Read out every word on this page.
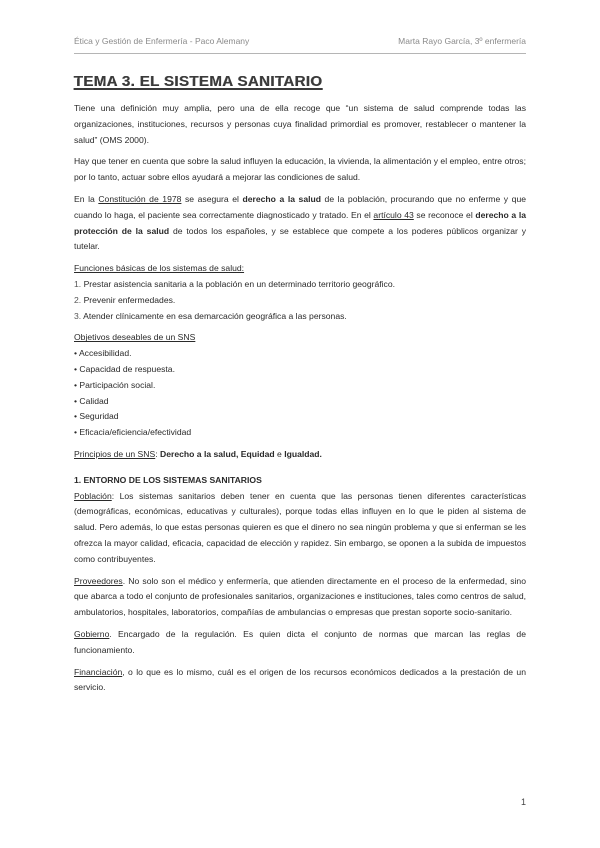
Ética y Gestión de Enfermería - Paco Alemany	Marta Rayo García, 3º enfermería
TEMA 3. EL SISTEMA SANITARIO

Tiene una definición muy amplia, pero una de ella recoge que “un sistema de salud comprende todas las organizaciones, instituciones, recursos y personas cuya finalidad primordial es promover, restablecer o mantener la salud” (OMS 2000).

Hay que tener en cuenta que sobre la salud influyen la educación, la vivienda, la alimentación y el empleo, entre otros; por lo tanto, actuar sobre ellos ayudará a mejorar las condiciones de salud.

En la Constitución de 1978 se asegura el derecho a la salud de la población, procurando que no enferme y que cuando lo haga, el paciente sea correctamente diagnosticado y tratado. En el artículo 43 se reconoce el derecho a la protección de la salud de todos los españoles, y se establece que compete a los poderes públicos organizar y tutelar.

Funciones básicas de los sistemas de salud:
1. Prestar asistencia sanitaria a la población en un determinado territorio geográfico.
2. Prevenir enfermedades.
3. Atender clínicamente en esa demarcación geográfica a las personas.
Objetivos deseables de un SNS
• Accesibilidad.
• Capacidad de respuesta.
• Participación social.
• Calidad
• Seguridad
• Eficacia/eficiencia/efectividad

Principios de un SNS: Derecho a la salud, Equidad e Igualdad.

1. ENTORNO DE LOS SISTEMAS SANITARIOS

Población: Los sistemas sanitarios deben tener en cuenta que las personas tienen diferentes características (demográficas, económicas, educativas y culturales), porque todas ellas influyen en lo que le piden al sistema de salud. Pero además, lo que estas personas quieren es que el dinero no sea ningún problema y que si enferman se les ofrezca la mayor calidad, eficacia, capacidad de elección y rapidez. Sin embargo, se oponen a la subida de impuestos como contribuyentes.

Proveedores. No solo son el médico y enfermería, que atienden directamente en el proceso de la enfermedad, sino que abarca a todo el conjunto de profesionales sanitarios, organizaciones e instituciones, tales como centros de salud, ambulatorios, hospitales, laboratorios, compañías de ambulancias o empresas que prestan soporte socio-sanitario.

Gobierno. Encargado de la regulación. Es quien dicta el conjunto de normas que marcan las reglas de funcionamiento.

Financiación, o lo que es lo mismo, cuál es el origen de los recursos económicos dedicados a la prestación de un servicio.

1
